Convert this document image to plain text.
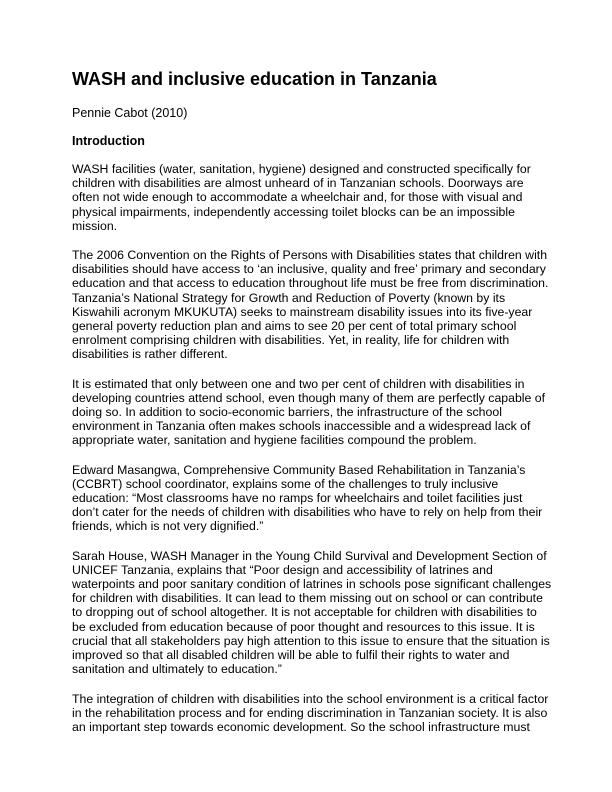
WASH and inclusive education in Tanzania
Pennie Cabot (2010)
Introduction
WASH facilities (water, sanitation, hygiene) designed and constructed specifically for
children with disabilities are almost unheard of in Tanzanian schools. Doorways are
often not wide enough to accommodate a wheelchair and, for those with visual and
physical impairments, independently accessing toilet blocks can be an impossible
mission.
The 2006 Convention on the Rights of Persons with Disabilities states that children with
disabilities should have access to ‘an inclusive, quality and free’ primary and secondary
education and that access to education throughout life must be free from discrimination.
Tanzania’s National Strategy for Growth and Reduction of Poverty (known by its
Kiswahili acronym MKUKUTA) seeks to mainstream disability issues into its five-year
general poverty reduction plan and aims to see 20 per cent of total primary school
enrolment comprising children with disabilities. Yet, in reality, life for children with
disabilities is rather different.
It is estimated that only between one and two per cent of children with disabilities in
developing countries attend school, even though many of them are perfectly capable of
doing so. In addition to socio-economic barriers, the infrastructure of the school
environment in Tanzania often makes schools inaccessible and a widespread lack of
appropriate water, sanitation and hygiene facilities compound the problem.
Edward Masangwa, Comprehensive Community Based Rehabilitation in Tanzania’s
(CCBRT) school coordinator, explains some of the challenges to truly inclusive
education: “Most classrooms have no ramps for wheelchairs and toilet facilities just
don’t cater for the needs of children with disabilities who have to rely on help from their
friends, which is not very dignified.”
Sarah House, WASH Manager in the Young Child Survival and Development Section of
UNICEF Tanzania, explains that “Poor design and accessibility of latrines and
waterpoints and poor sanitary condition of latrines in schools pose significant challenges
for children with disabilities. It can lead to them missing out on school or can contribute
to dropping out of school altogether. It is not acceptable for children with disabilities to
be excluded from education because of poor thought and resources to this issue. It is
crucial that all stakeholders pay high attention to this issue to ensure that the situation is
improved so that all disabled children will be able to fulfil their rights to water and
sanitation and ultimately to education.”
The integration of children with disabilities into the school environment is a critical factor
in the rehabilitation process and for ending discrimination in Tanzanian society. It is also
an important step towards economic development. So the school infrastructure must
